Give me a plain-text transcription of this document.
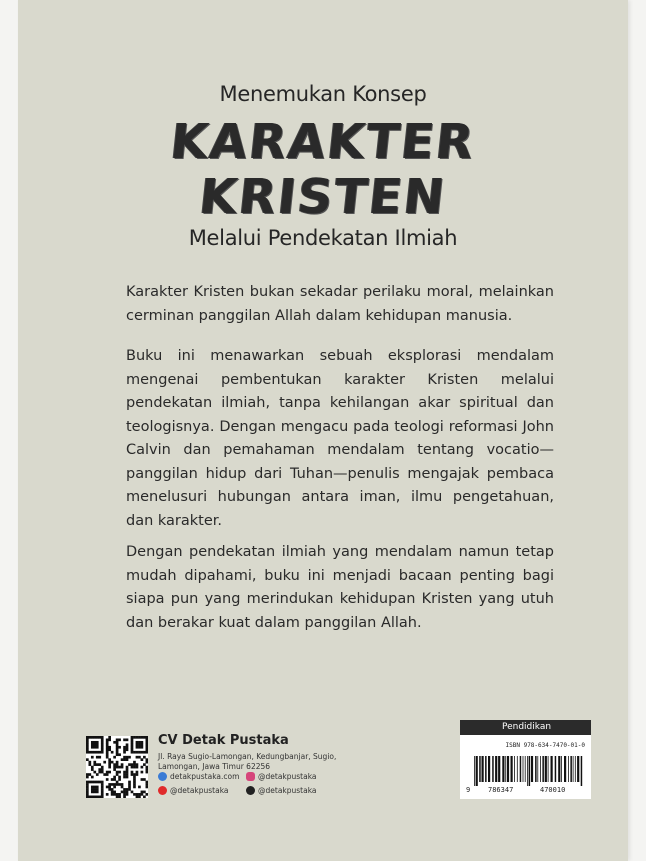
Menemukan Konsep
KARAKTER
KRISTEN
Melalui Pendekatan Ilmiah

Karakter Kristen bukan sekadar perilaku moral, melainkan cerminan panggilan Allah dalam kehidupan manusia.

Buku ini menawarkan sebuah eksplorasi mendalam mengenai pembentukan karakter Kristen melalui pendekatan ilmiah, tanpa kehilangan akar spiritual dan teologisnya. Dengan mengacu pada teologi reformasi John Calvin dan pemahaman mendalam tentang vocatio—panggilan hidup dari Tuhan—penulis mengajak pembaca menelusuri hubungan antara iman, ilmu pengetahuan, dan karakter.

Dengan pendekatan ilmiah yang mendalam namun tetap mudah dipahami, buku ini menjadi bacaan penting bagi siapa pun yang merindukan kehidupan Kristen yang utuh dan berakar kuat dalam panggilan Allah.

CV Detak Pustaka
Jl. Raya Sugio-Lamongan, Kedungbanjar, Sugio, Lamongan, Jawa Timur 62256
detakpustaka.com @detakpustaka
@detakpustaka	@detakpustaka
Pendidikan
ISBN 978-634-7470-01-0
9	786347	470010
